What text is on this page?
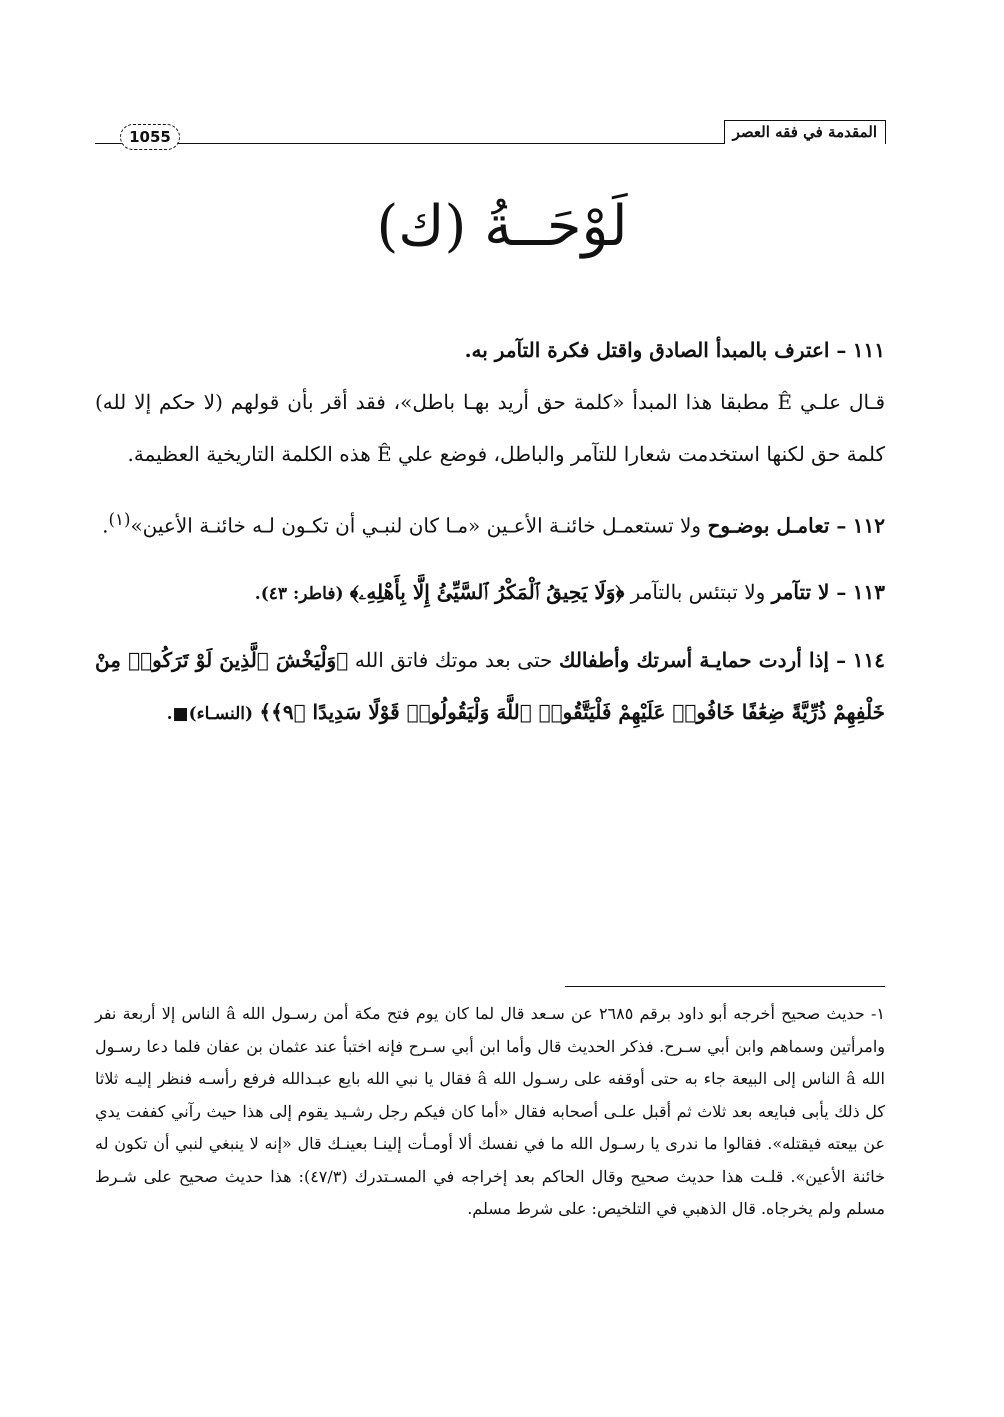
المقدمة في فقه العصر
1055
لَوْحَــةُ (ك)

١١١ – اعترف بالمبدأ الصادق واقتل فكرة التآمر به.
قـال علـي Ê مطبقا هذا المبدأ «كلمة حق أريد بهـا باطل»، فقد أقر بأن قولهم (لا حكم إلا لله) كلمة حق لكنها استخدمت شعارا للتآمر والباطل، فوضع علي Ê هذه الكلمة التاريخية العظيمة.

١١٢ – تعامـل بوضـوح ولا تستعمـل خائنـة الأعـين «مـا كان لنبـي أن تكـون لـه خائنـة الأعين»$^{(١)}$.

١١٣ – لا تتآمر ولا تبتئس بالتآمر ﴿وَلَا يَحِيقُ ٱلْمَكْرُ ٱلسَّيِّئُ إِلَّا بِأَهْلِهِۦ﴾ (فاطر: ٤٣).

١١٤ – إذا أردت حمايـة أسرتك وأطفالك حتى بعد موتك فاتق الله ﴿وَلْيَخْشَ ٱلَّذِينَ لَوْ تَرَكُوا۟ مِنْ خَلْفِهِمْ ذُرِّيَّةً ضِعَٰفًا خَافُوا۟ عَلَيْهِمْ فَلْيَتَّقُوا۟ ٱللَّهَ وَلْيَقُولُوا۟ قَوْلًا سَدِيدًا ﴿٩﴾﴾ (النسـاء)■.

١- حديث صحيح أخرجه أبو داود برقم ٢٦٨٥ عن سـعد قال لما كان يوم فتح مكة أمن رسـول الله â الناس إلا أربعة نفر وامرأتين وسماهم وابن أبي سـرح. فذكر الحديث قال وأما ابن أبي سـرح فإنه اختبأ عند عثمان بن عفان فلما دعا رسـول الله â الناس إلى البيعة جاء به حتى أوقفه على رسـول الله â فقال يا نبي الله بايع عبـدالله فرفع رأسـه فنظر إليـه ثلاثا كل ذلك يأبى فبايعه بعد ثلاث ثم أقبل علـى أصحابه فقال «أما كان فيكم رجل رشـيد يقوم إلى هذا حيث رآني كففت يدي عن بيعته فيقتله». فقالوا ما ندرى يا رسـول الله ما في نفسك ألا أومـأت إلينـا بعينـك قال «إنه لا ينبغي لنبي أن تكون له خائنة الأعين». قلـت هذا حديث صحيح وقال الحاكم بعد إخراجه في المسـتدرك (٤٧/٣): هذا حديث صحيح على شـرط مسلم ولم يخرجاه. قال الذهبي في التلخيص: على شرط مسلم.
